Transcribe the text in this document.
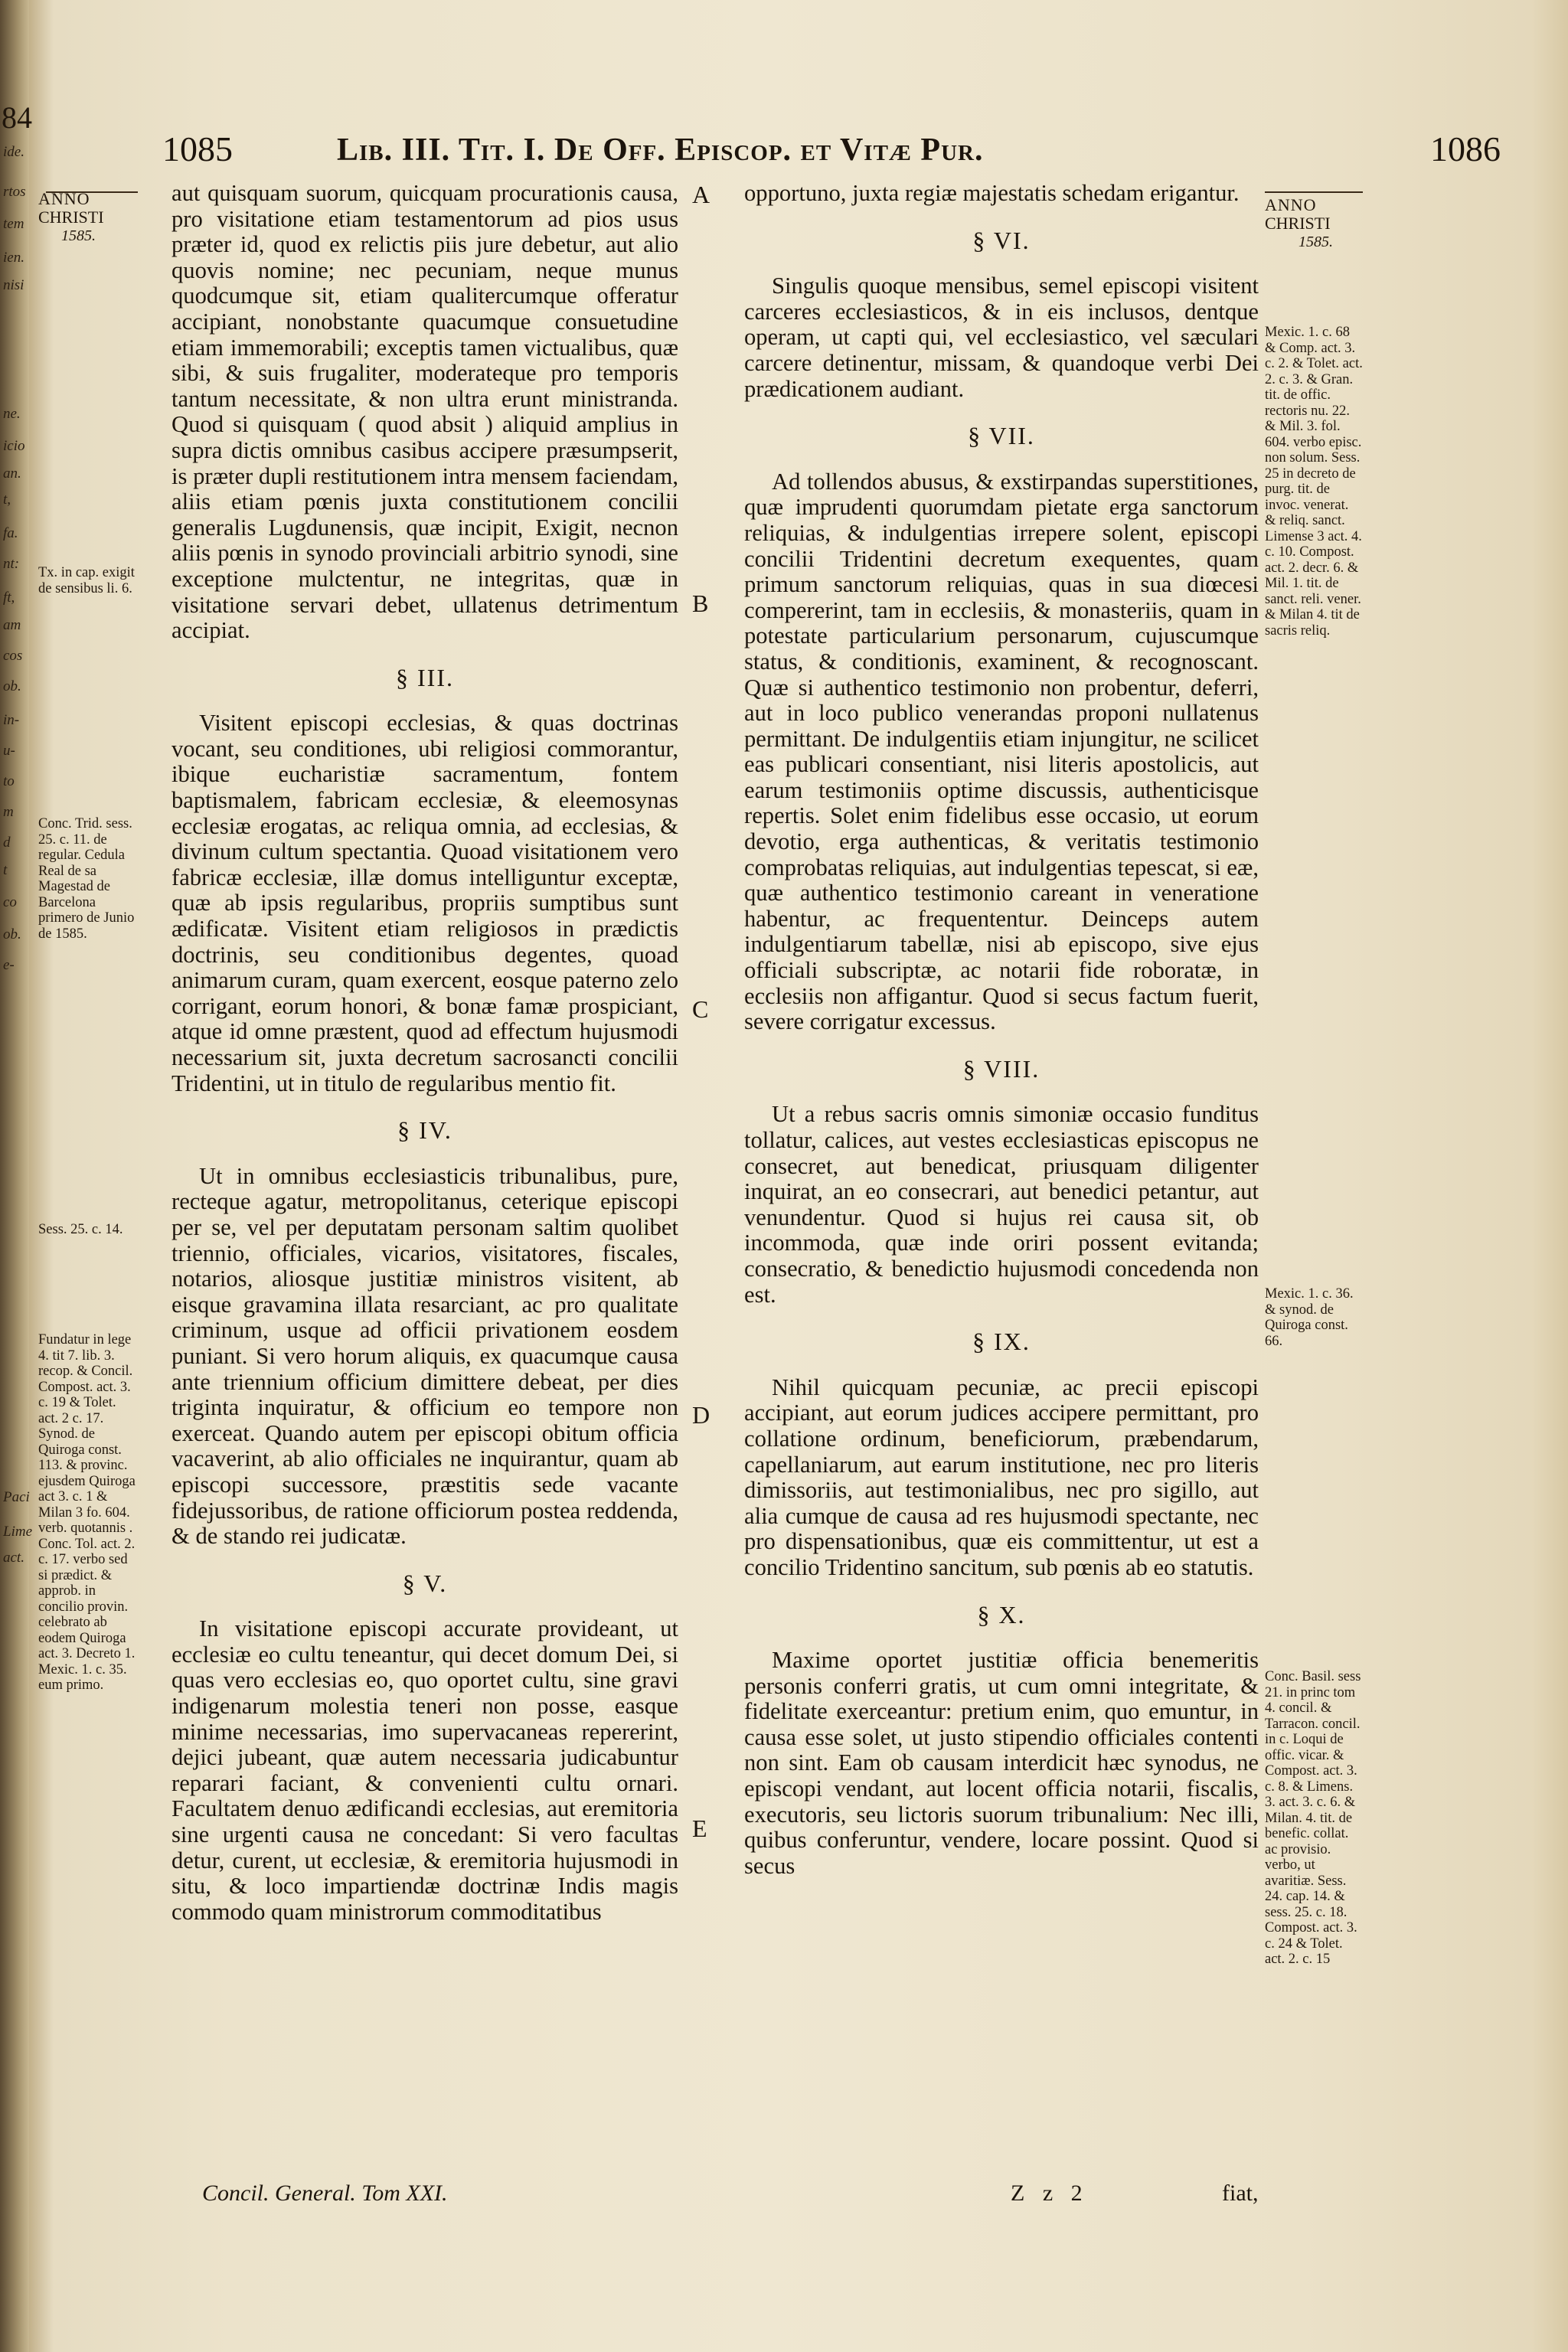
84
ide.
rtos
tem
ien.
nisi
ne.
icio
an.
t,
fa.
nt:
ft,
am
cos
ob.
in-
u-
to
m
d
t
co
ob.
e-
Paci
Lime
act.
1085	Lib. III. Tit. I. De Off. Episcop. et Vitæ Pur.	1086
ANNO
CHRISTI
1585.
ANNO
CHRISTI
1585.

aut quisquam suorum, quicquam procurationis causa, pro visitatione etiam testamentorum ad pios usus præter id, quod ex relictis piis jure debetur, aut alio quovis nomine; nec pecuniam, neque munus quodcumque sit, etiam qualitercumque offeratur accipiant, nonobstante quacumque consuetudine etiam immemorabili; exceptis tamen victualibus, quæ sibi, & suis frugaliter, moderateque pro temporis tantum necessitate, & non ultra erunt ministranda. Quod si quisquam ( quod absit ) aliquid amplius in supra dictis omnibus casibus accipere præsumpserit, is præter dupli restitutionem intra mensem faciendam, aliis etiam pœnis juxta constitutionem concilii generalis Lugdunensis, quæ incipit, Exigit, necnon aliis pœnis in synodo provinciali arbitrio synodi, sine exceptione mulctentur, ne integritas, quæ in visitatione servari debet, ullatenus detrimentum accipiat.

§ III.

Visitent episcopi ecclesias, & quas doctrinas vocant, seu conditiones, ubi religiosi commorantur, ibique eucharistiæ sacramentum, fontem baptismalem, fabricam ecclesiæ, & eleemosynas ecclesiæ erogatas, ac reliqua omnia, ad ecclesias, & divinum cultum spectantia. Quoad visitationem vero fabricæ ecclesiæ, illæ domus intelliguntur exceptæ, quæ ab ipsis regularibus, propriis sumptibus sunt ædificatæ. Visitent etiam religiosos in prædictis doctrinis, seu conditionibus degentes, quoad animarum curam, quam exercent, eosque paterno zelo corrigant, eorum honori, & bonæ famæ prospiciant, atque id omne præstent, quod ad effectum hujusmodi necessarium sit, juxta decretum sacrosancti concilii Tridentini, ut in titulo de regularibus mentio fit.

§ IV.

Ut in omnibus ecclesiasticis tribunalibus, pure, recteque agatur, metropolitanus, ceterique episcopi per se, vel per deputatam personam saltim quolibet triennio, officiales, vicarios, visitatores, fiscales, notarios, aliosque justitiæ ministros visitent, ab eisque gravamina illata resarciant, ac pro qualitate criminum, usque ad officii privationem eosdem puniant. Si vero horum aliquis, ex quacumque causa ante triennium officium dimittere debeat, per dies triginta inquiratur, & officium eo tempore non exerceat. Quando autem per episcopi obitum officia vacaverint, ab alio officiales ne inquirantur, quam ab episcopi successore, præstitis sede vacante fidejussoribus, de ratione officiorum postea reddenda, & de stando rei judicatæ.

§ V.

In visitatione episcopi accurate provideant, ut ecclesiæ eo cultu teneantur, qui decet domum Dei, si quas vero ecclesias eo, quo oportet cultu, sine gravi indigenarum molestia teneri non posse, easque minime necessarias, imo supervacaneas repererint, dejici jubeant, quæ autem necessaria judicabuntur reparari faciant, & convenienti cultu ornari. Facultatem denuo ædificandi ecclesias, aut eremitoria sine urgenti causa ne concedant: Si vero facultas detur, curent, ut ecclesiæ, & eremitoria hujusmodi in situ, & loco impartiendæ doctrinæ Indis magis commodo quam ministrorum commoditatibus

opportuno, juxta regiæ majestatis schedam erigantur.

§ VI.

Singulis quoque mensibus, semel episcopi visitent carceres ecclesiasticos, & in eis inclusos, dentque operam, ut capti qui, vel ecclesiastico, vel sæculari carcere detinentur, missam, & quandoque verbi Dei prædicationem audiant.

§ VII.

Ad tollendos abusus, & exstirpandas superstitiones, quæ imprudenti quorumdam pietate erga sanctorum reliquias, & indulgentias irrepere solent, episcopi concilii Tridentini decretum exequentes, quam primum sanctorum reliquias, quas in sua diœcesi compererint, tam in ecclesiis, & monasteriis, quam in potestate particularium personarum, cujuscumque status, & conditionis, examinent, & recognoscant. Quæ si authentico testimonio non probentur, deferri, aut in loco publico venerandas proponi nullatenus permittant. De indulgentiis etiam injungitur, ne scilicet eas publicari consentiant, nisi literis apostolicis, aut earum testimoniis optime discussis, authenticisque repertis. Solet enim fidelibus esse occasio, ut eorum devotio, erga authenticas, & veritatis testimonio comprobatas reliquias, aut indulgentias tepescat, si eæ, quæ authentico testimonio careant in veneratione habentur, ac frequententur. Deinceps autem indulgentiarum tabellæ, nisi ab episcopo, sive ejus officiali subscriptæ, ac notarii fide roboratæ, in ecclesiis non affigantur. Quod si secus factum fuerit, severe corrigatur excessus.

§ VIII.

Ut a rebus sacris omnis simoniæ occasio funditus tollatur, calices, aut vestes ecclesiasticas episcopus ne consecret, aut benedicat, priusquam diligenter inquirat, an eo consecrari, aut benedici petantur, aut venundentur. Quod si hujus rei causa sit, ob incommoda, quæ inde oriri possent evitanda; consecratio, & benedictio hujusmodi concedenda non est.

§ IX.

Nihil quicquam pecuniæ, ac precii episcopi accipiant, aut eorum judices accipere permittant, pro collatione ordinum, beneficiorum, præbendarum, capellaniarum, aut earum institutione, nec pro literis dimissoriis, aut testimonialibus, nec pro sigillo, aut alia cumque de causa ad res hujusmodi spectante, nec pro dispensationibus, quæ eis committentur, ut est a concilio Tridentino sancitum, sub pœnis ab eo statutis.

§ X.

Maxime oportet justitiæ officia benemeritis personis conferri gratis, ut cum omni integritate, & fidelitate exerceantur: pretium enim, quo emuntur, in causa esse solet, ut justo stipendio officiales contenti non sint. Eam ob causam interdicit hæc synodus, ne episcopi vendant, aut locent officia notarii, fiscalis, executoris, seu lictoris suorum tribunalium: Nec illi, quibus conferuntur, vendere, locare possint. Quod si secus

A
B
C
D
E
Tx. in cap. exigit de sensibus li. 6.
Conc. Trid. sess. 25. c. 11. de regular. Cedula Real de sa Magestad de Barcelona primero de Junio de 1585.
Sess. 25. c. 14.
Fundatur in lege 4. tit 7. lib. 3. recop. & Concil. Compost. act. 3. c. 19 & Tolet. act. 2 c. 17. Synod. de Quiroga const. 113. & provinc. ejusdem Quiroga act 3. c. 1 & Milan 3 fo. 604. verb. quotannis . Conc. Tol. act. 2. c. 17. verbo sed si prædict. & approb. in concilio provin. celebrato ab eodem Quiroga act. 3. Decreto 1. Mexic. 1. c. 35. eum primo.
Mexic. 1. c. 68 & Comp. act. 3. c. 2. & Tolet. act. 2. c. 3. & Gran. tit. de offic. rectoris nu. 22. & Mil. 3. fol. 604. verbo episc. non solum. Sess. 25 in decreto de purg. tit. de invoc. venerat. & reliq. sanct. Limense 3 act. 4. c. 10. Compost. act. 2. decr. 6. & Mil. 1. tit. de sanct. reli. vener. & Milan 4. tit de sacris reliq.
Mexic. 1. c. 36. & synod. de Quiroga const. 66.
Conc. Basil. sess 21. in princ tom 4. concil. & Tarracon. concil. in c. Loqui de offic. vicar. & Compost. act. 3. c. 8. & Limens. 3. act. 3. c. 6. & Milan. 4. tit. de benefic. collat. ac provisio. verbo, ut avaritiæ. Sess. 24. cap. 14. & sess. 25. c. 18. Compost. act. 3. c. 24 & Tolet. act. 2. c. 15
Concil. General. Tom XXI.	Z z 2	fiat,
